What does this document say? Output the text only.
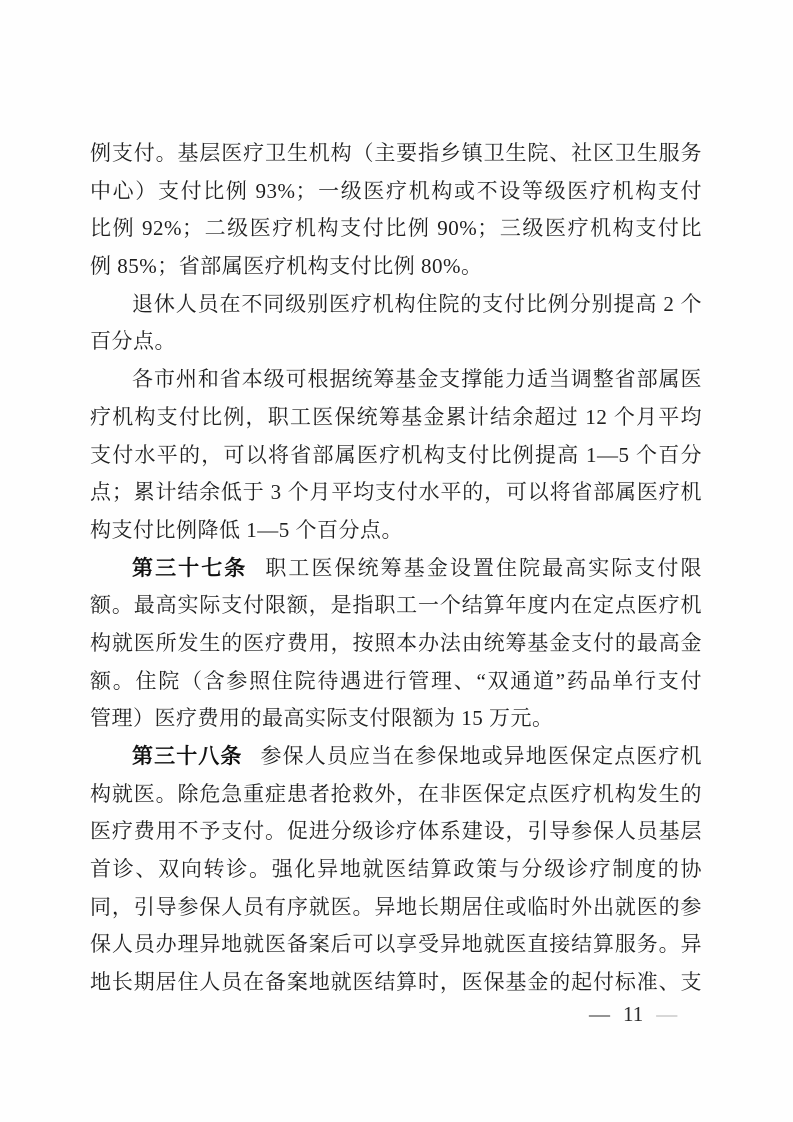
例支付。基层医疗卫生机构（主要指乡镇卫生院、社区卫生服务
中心）支付比例 93%；一级医疗机构或不设等级医疗机构支付
比例 92%；二级医疗机构支付比例 90%；三级医疗机构支付比
例 85%；省部属医疗机构支付比例 80%。
退休人员在不同级别医疗机构住院的支付比例分别提高 2 个
百分点。
各市州和省本级可根据统筹基金支撑能力适当调整省部属医
疗机构支付比例，职工医保统筹基金累计结余超过 12 个月平均
支付水平的，可以将省部属医疗机构支付比例提高 1—5 个百分
点；累计结余低于 3 个月平均支付水平的，可以将省部属医疗机
构支付比例降低 1—5 个百分点。
第三十七条 职工医保统筹基金设置住院最高实际支付限
额。最高实际支付限额，是指职工一个结算年度内在定点医疗机
构就医所发生的医疗费用，按照本办法由统筹基金支付的最高金
额。住院（含参照住院待遇进行管理、“双通道”药品单行支付
管理）医疗费用的最高实际支付限额为 15 万元。
第三十八条 参保人员应当在参保地或异地医保定点医疗机
构就医。除危急重症患者抢救外，在非医保定点医疗机构发生的
医疗费用不予支付。促进分级诊疗体系建设，引导参保人员基层
首诊、双向转诊。强化异地就医结算政策与分级诊疗制度的协
同，引导参保人员有序就医。异地长期居住或临时外出就医的参
保人员办理异地就医备案后可以享受异地就医直接结算服务。异
地长期居住人员在备案地就医结算时，医保基金的起付标准、支
— 11 —
